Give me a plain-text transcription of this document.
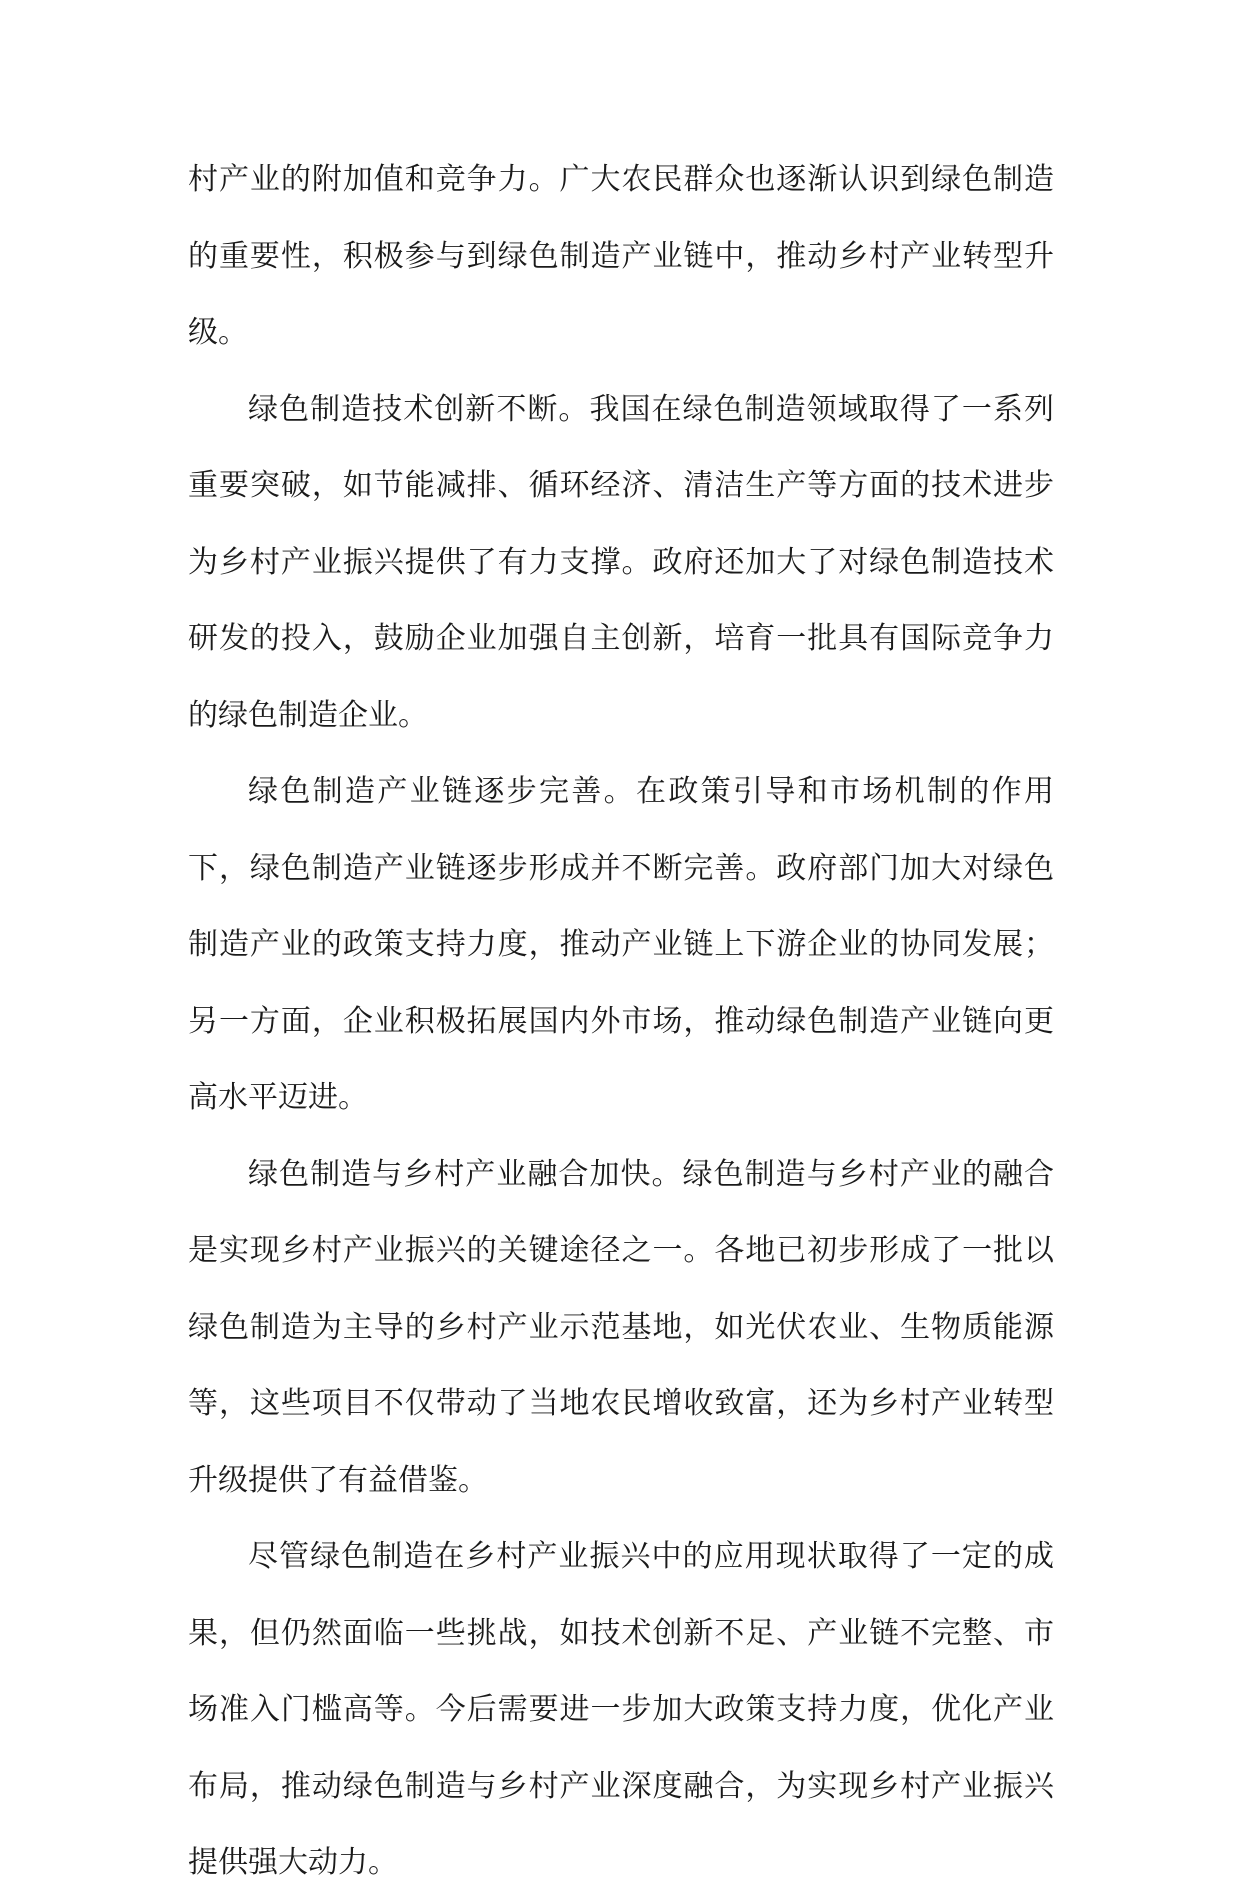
村产业的附加值和竞争力。广大农民群众也逐渐认识到绿色制造的重要性，积极参与到绿色制造产业链中，推动乡村产业转型升级。

绿色制造技术创新不断。我国在绿色制造领域取得了一系列重要突破，如节能减排、循环经济、清洁生产等方面的技术进步为乡村产业振兴提供了有力支撑。政府还加大了对绿色制造技术研发的投入，鼓励企业加强自主创新，培育一批具有国际竞争力的绿色制造企业。

绿色制造产业链逐步完善。在政策引导和市场机制的作用下，绿色制造产业链逐步形成并不断完善。政府部门加大对绿色制造产业的政策支持力度，推动产业链上下游企业的协同发展；另一方面，企业积极拓展国内外市场，推动绿色制造产业链向更高水平迈进。

绿色制造与乡村产业融合加快。绿色制造与乡村产业的融合是实现乡村产业振兴的关键途径之一。各地已初步形成了一批以绿色制造为主导的乡村产业示范基地，如光伏农业、生物质能源等，这些项目不仅带动了当地农民增收致富，还为乡村产业转型升级提供了有益借鉴。

尽管绿色制造在乡村产业振兴中的应用现状取得了一定的成果，但仍然面临一些挑战，如技术创新不足、产业链不完整、市场准入门槛高等。今后需要进一步加大政策支持力度，优化产业布局，推动绿色制造与乡村产业深度融合，为实现乡村产业振兴提供强大动力。
